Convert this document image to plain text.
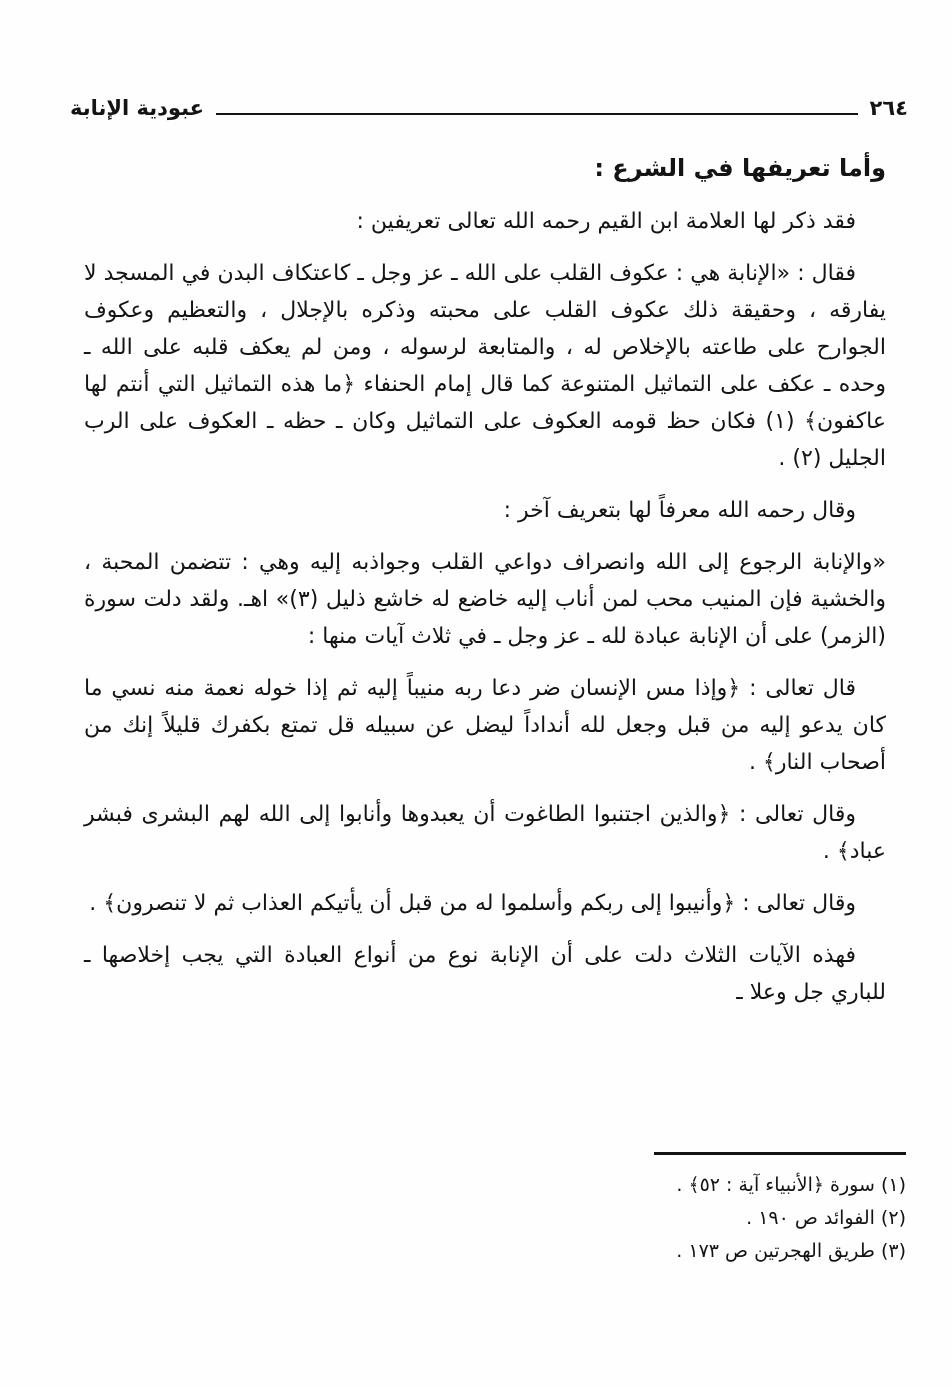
٢٦٤
عبودية الإنابة
وأما تعريفها في الشرع :

فقد ذكر لها العلامة ابن القيم رحمه الله تعالى تعريفين :

فقال : «الإنابة هي : عكوف القلب على الله ـ عز وجل ـ كاعتكاف البدن في المسجد لا يفارقه ، وحقيقة ذلك عكوف القلب على محبته وذكره بالإجلال ، والتعظيم وعكوف الجوارح على طاعته بالإخلاص له ، والمتابعة لرسوله ، ومن لم يعكف قلبه على الله ـ وحده ـ عكف على التماثيل المتنوعة كما قال إمام الحنفاء ﴿ما هذه التماثيل التي أنتم لها عاكفون﴾ (١) فكان حظ قومه العكوف على التماثيل وكان ـ حظه ـ العكوف على الرب الجليل (٢) .

وقال رحمه الله معرفاً لها بتعريف آخر :

«والإنابة الرجوع إلى الله وانصراف دواعي القلب وجواذبه إليه وهي : تتضمن المحبة ، والخشية فإن المنيب محب لمن أناب إليه خاضع له خاشع ذليل (٣)» اهـ. ولقد دلت سورة (الزمر) على أن الإنابة عبادة لله ـ عز وجل ـ في ثلاث آيات منها :

قال تعالى : ﴿وإذا مس الإنسان ضر دعا ربه منيباً إليه ثم إذا خوله نعمة منه نسي ما كان يدعو إليه من قبل وجعل لله أنداداً ليضل عن سبيله قل تمتع بكفرك قليلاً إنك من أصحاب النار﴾ .

وقال تعالى : ﴿والذين اجتنبوا الطاغوت أن يعبدوها وأنابوا إلى الله لهم البشرى فبشر عباد﴾ .

وقال تعالى : ﴿وأنيبوا إلى ربكم وأسلموا له من قبل أن يأتيكم العذاب ثم لا تنصرون﴾ .

فهذه الآيات الثلاث دلت على أن الإنابة نوع من أنواع العبادة التي يجب إخلاصها ـ للباري جل وعلا ـ

(١) سورة ﴿الأنبياء آية : ٥٢﴾ .
(٢) الفوائد ص ١٩٠ .
(٣) طريق الهجرتين ص ١٧٣ .
